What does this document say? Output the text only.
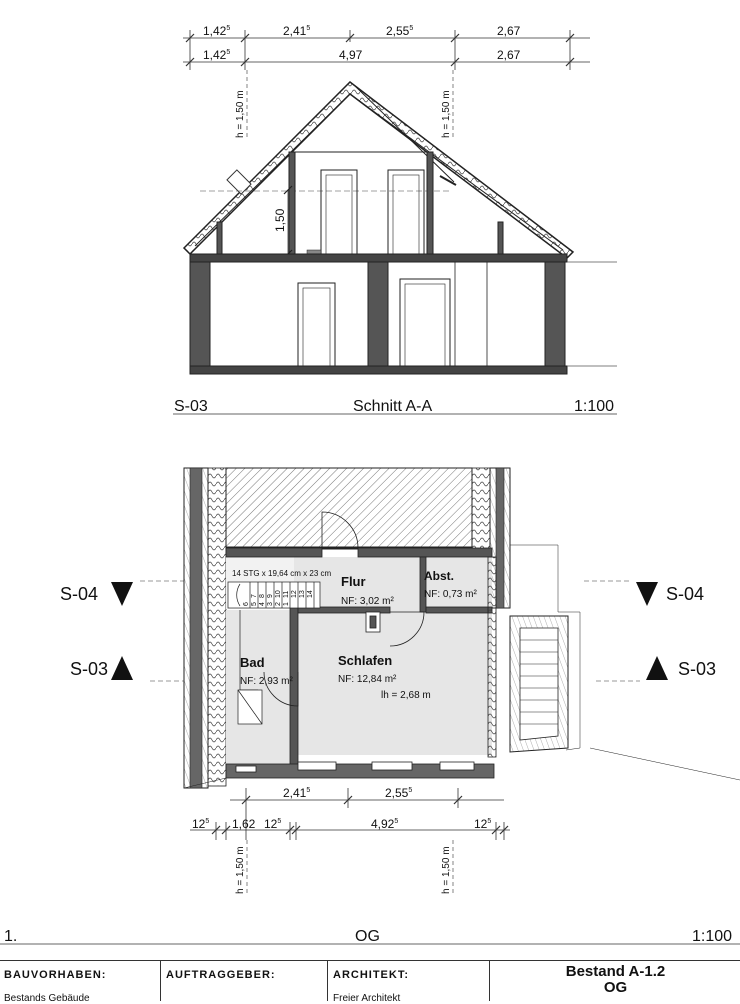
1,42$^5$	2,41$^5$	2,55$^5$	2,67
1,42$^5$	4,97	2,67
h = 1,50 m	h = 1,50 m
1,50
S-03	Schnitt A-A	1:100
14 STG x 19,64 cm x 23 cm
6
7 8 9 10 11 12 13 14
5 4 3 2 1
S-04	S-04
S-03	S-03
Flur
NF: 3,02 m²
Abst.
NF: 0,73 m²
Schlafen
NF: 12,84 m²
lh = 2,68 m
Bad
NF: 2,93 m²
2,41$^5$	2,55$^5$
$12^5$ 1,62 $12^5$	4,92$^5$	$12^5$
h = 1,50 m	h = 1,50 m
1.	OG	1:100
BAUVORHABEN:
Bestands Gebäude
AUFTRAGGEBER:	ARCHITEKT:
Freier Architekt
Bestand A-1.2
OG
